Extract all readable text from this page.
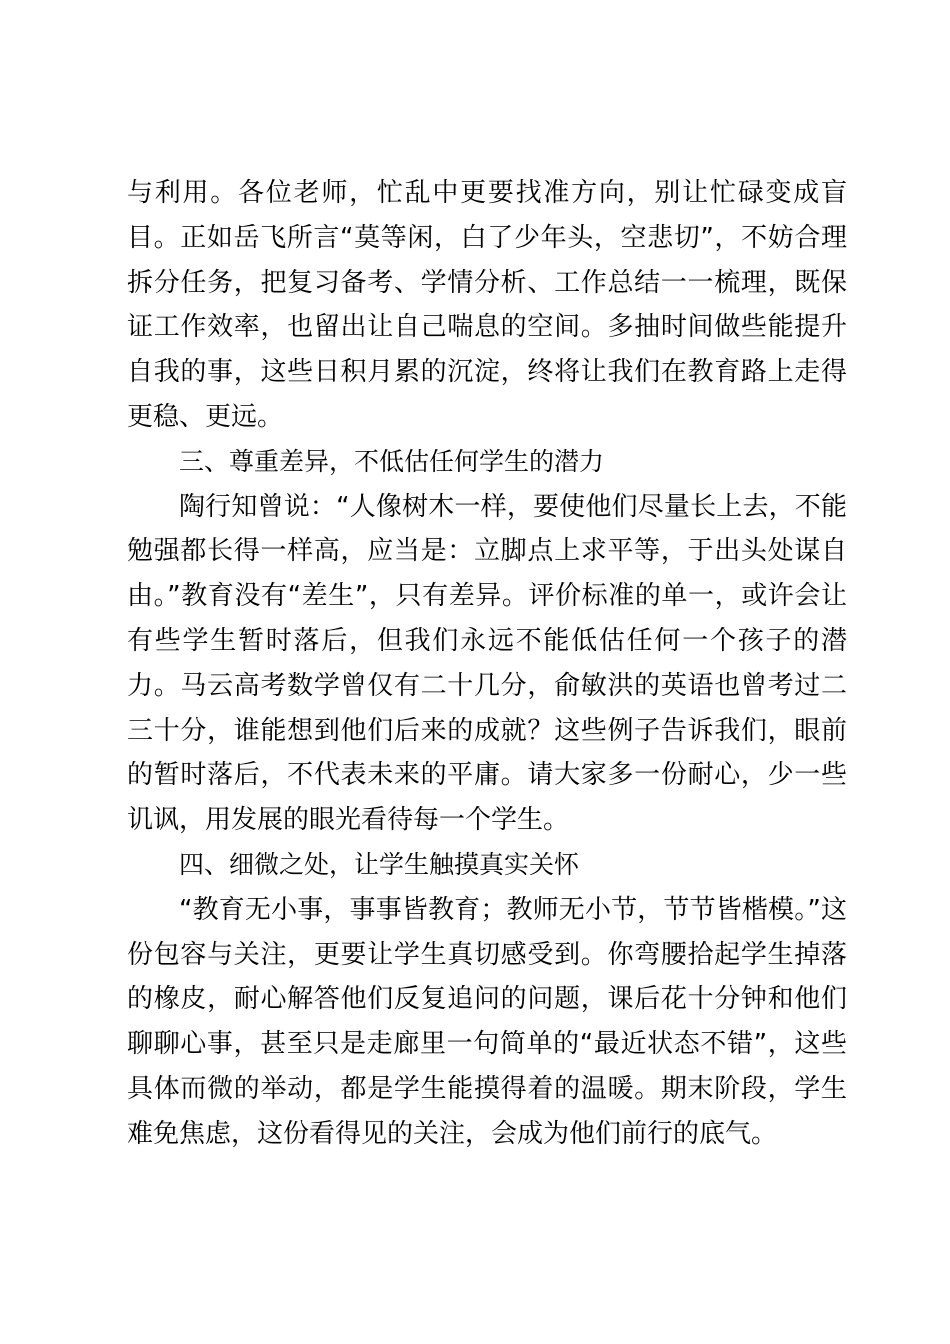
与利用。各位老师，忙乱中更要找准方向，别让忙碌变成盲目。正如岳飞所言“莫等闲，白了少年头，空悲切”，不妨合理拆分任务，把复习备考、学情分析、工作总结一一梳理，既保证工作效率，也留出让自己喘息的空间。多抽时间做些能提升自我的事，这些日积月累的沉淀，终将让我们在教育路上走得更稳、更远。

三、尊重差异，不低估任何学生的潜力

陶行知曾说：“人像树木一样，要使他们尽量长上去，不能勉强都长得一样高，应当是：立脚点上求平等，于出头处谋自由。”教育没有“差生”，只有差异。评价标准的单一，或许会让有些学生暂时落后，但我们永远不能低估任何一个孩子的潜力。马云高考数学曾仅有二十几分，俞敏洪的英语也曾考过二三十分，谁能想到他们后来的成就？这些例子告诉我们，眼前的暂时落后，不代表未来的平庸。请大家多一份耐心，少一些讥讽，用发展的眼光看待每一个学生。

四、细微之处，让学生触摸真实关怀

“教育无小事，事事皆教育；教师无小节，节节皆楷模。”这份包容与关注，更要让学生真切感受到。你弯腰拾起学生掉落的橡皮，耐心解答他们反复追问的问题，课后花十分钟和他们聊聊心事，甚至只是走廊里一句简单的“最近状态不错”，这些具体而微的举动，都是学生能摸得着的温暖。期末阶段，学生难免焦虑，这份看得见的关注，会成为他们前行的底气。
